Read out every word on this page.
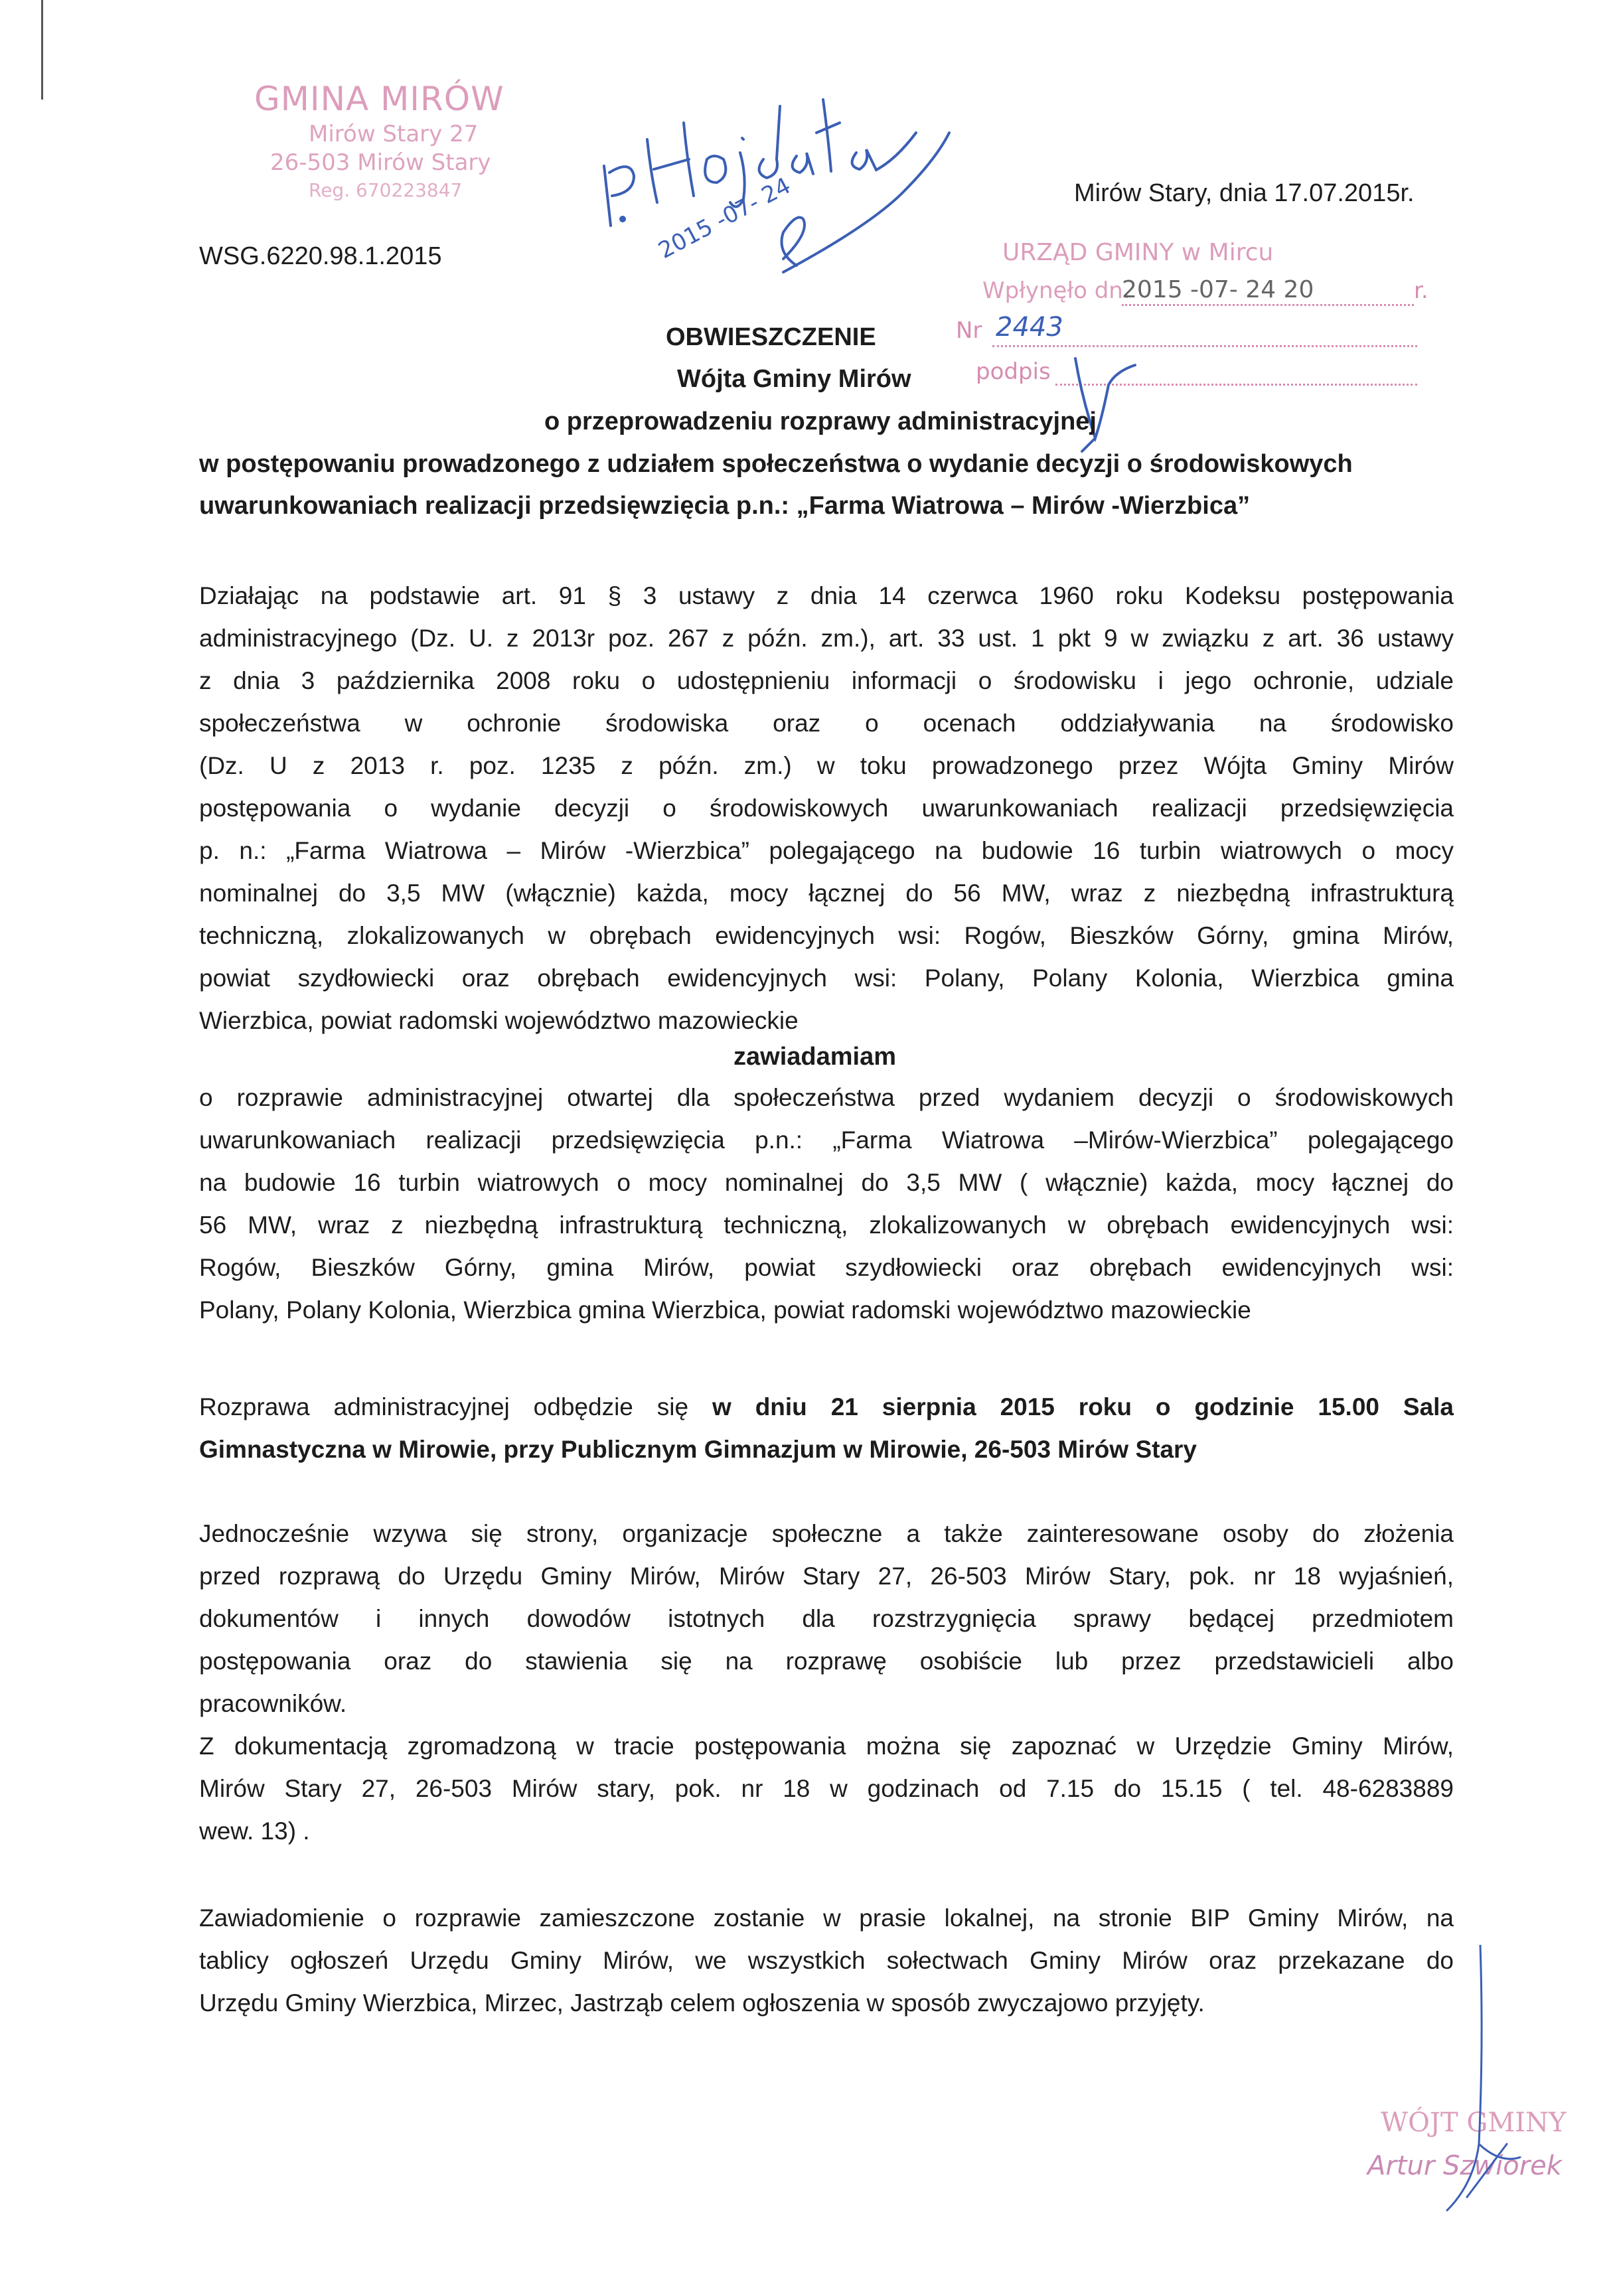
GMINA MIRÓW
Mirów Stary 27
26-503 Mirów Stary
Reg. 670223847	2015 -07- 24
WSG.6220.98.1.2015
Mirów Stary, dnia 17.07.2015r.
URZĄD GMINY w Mircu
Wpłynęło dn.
2015 -07- 24 20	r.
Nr 2443
podpis
OBWIESZCZENIE
Wójta Gminy Mirów
o przeprowadzeniu rozprawy administracyjnej
w postępowaniu prowadzonego z udziałem społeczeństwa o wydanie decyzji o środowiskowych
uwarunkowaniach realizacji przedsięwzięcia p.n.: „Farma Wiatrowa – Mirów -Wierzbica”
Działając na podstawie art. 91 § 3 ustawy z dnia 14 czerwca 1960 roku Kodeksu postępowania
administracyjnego (Dz. U. z 2013r poz. 267 z późn. zm.), art. 33 ust. 1 pkt 9 w związku z art. 36 ustawy
z dnia 3 października 2008 roku o udostępnieniu informacji o środowisku i jego ochronie, udziale
społeczeństwa w ochronie środowiska oraz o ocenach oddziaływania na środowisko
(Dz. U z 2013 r. poz. 1235 z późn. zm.) w toku prowadzonego przez Wójta Gminy Mirów
postępowania o wydanie decyzji o środowiskowych uwarunkowaniach realizacji przedsięwzięcia
p. n.: „Farma Wiatrowa – Mirów -Wierzbica” polegającego na budowie 16 turbin wiatrowych o mocy
nominalnej do 3,5 MW (włącznie) każda, mocy łącznej do 56 MW, wraz z niezbędną infrastrukturą
techniczną, zlokalizowanych w obrębach ewidencyjnych wsi: Rogów, Bieszków Górny, gmina Mirów,
powiat szydłowiecki oraz obrębach ewidencyjnych wsi: Polany, Polany Kolonia, Wierzbica gmina
Wierzbica, powiat radomski województwo mazowieckie
zawiadamiam
o rozprawie administracyjnej otwartej dla społeczeństwa przed wydaniem decyzji o środowiskowych
uwarunkowaniach realizacji przedsięwzięcia p.n.: „Farma Wiatrowa –Mirów-Wierzbica” polegającego
na budowie 16 turbin wiatrowych o mocy nominalnej do 3,5 MW ( włącznie) każda, mocy łącznej do
56 MW, wraz z niezbędną infrastrukturą techniczną, zlokalizowanych w obrębach ewidencyjnych wsi:
Rogów, Bieszków Górny, gmina Mirów, powiat szydłowiecki oraz obrębach ewidencyjnych wsi:
Polany, Polany Kolonia, Wierzbica gmina Wierzbica, powiat radomski województwo mazowieckie
Rozprawa administracyjnej odbędzie się w dniu 21 sierpnia 2015 roku o godzinie 15.00 Sala
Gimnastyczna w Mirowie, przy Publicznym Gimnazjum w Mirowie, 26-503 Mirów Stary
Jednocześnie wzywa się strony, organizacje społeczne a także zainteresowane osoby do złożenia
przed rozprawą do Urzędu Gminy Mirów, Mirów Stary 27, 26-503 Mirów Stary, pok. nr 18 wyjaśnień,
dokumentów i innych dowodów istotnych dla rozstrzygnięcia sprawy będącej przedmiotem
postępowania oraz do stawienia się na rozprawę osobiście lub przez przedstawicieli albo
pracowników.
Z dokumentacją zgromadzoną w tracie postępowania można się zapoznać w Urzędzie Gminy Mirów,
Mirów Stary 27, 26-503 Mirów stary, pok. nr 18 w godzinach od 7.15 do 15.15 ( tel. 48-6283889
wew. 13) .
Zawiadomienie o rozprawie zamieszczone zostanie w prasie lokalnej, na stronie BIP Gminy Mirów, na
tablicy ogłoszeń Urzędu Gminy Mirów, we wszystkich sołectwach Gminy Mirów oraz przekazane do
Urzędu Gminy Wierzbica, Mirzec, Jastrząb celem ogłoszenia w sposób zwyczajowo przyjęty.
WÓJT GMINY
Artur Szwiorek
